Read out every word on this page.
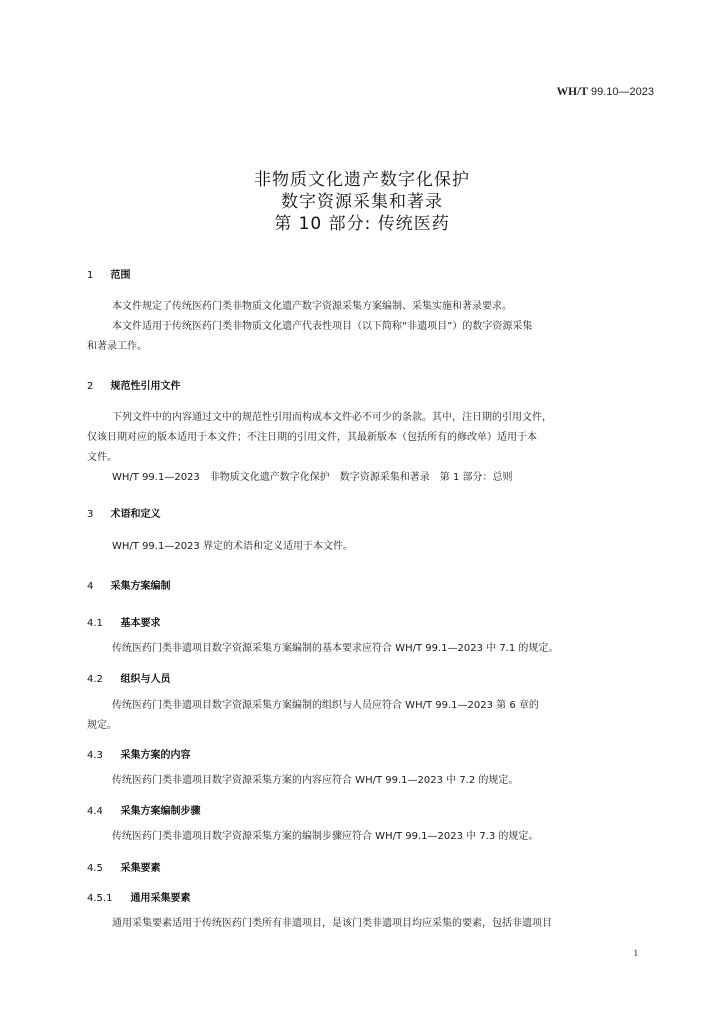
WH/T 99.10—2023
非物质文化遗产数字化保护
数字资源采集和著录
第 10 部分: 传统医药
1 范围
本文件规定了传统医药门类非物质文化遗产数字资源采集方案编制、采集实施和著录要求。
本文件适用于传统医药门类非物质文化遗产代表性项目（以下简称“非遗项目”）的数字资源采集
和著录工作。
2 规范性引用文件
下列文件中的内容通过文中的规范性引用而构成本文件必不可少的条款。其中，注日期的引用文件，
仅该日期对应的版本适用于本文件；不注日期的引用文件，其最新版本（包括所有的修改单）适用于本
文件。
WH/T 99.1—2023　非物质文化遗产数字化保护　数字资源采集和著录　第 1 部分：总则
3 术语和定义
WH/T 99.1—2023 界定的术语和定义适用于本文件。
4 采集方案编制
4.1 基本要求
传统医药门类非遗项目数字资源采集方案编制的基本要求应符合 WH/T 99.1—2023 中 7.1 的规定。
4.2 组织与人员
传统医药门类非遗项目数字资源采集方案编制的组织与人员应符合 WH/T 99.1—2023 第 6 章的
规定。
4.3 采集方案的内容
传统医药门类非遗项目数字资源采集方案的内容应符合 WH/T 99.1—2023 中 7.2 的规定。
4.4 采集方案编制步骤
传统医药门类非遗项目数字资源采集方案的编制步骤应符合 WH/T 99.1—2023 中 7.3 的规定。
4.5 采集要素
4.5.1 通用采集要素
通用采集要素适用于传统医药门类所有非遗项目，是该门类非遗项目均应采集的要素，包括非遗项目
1
